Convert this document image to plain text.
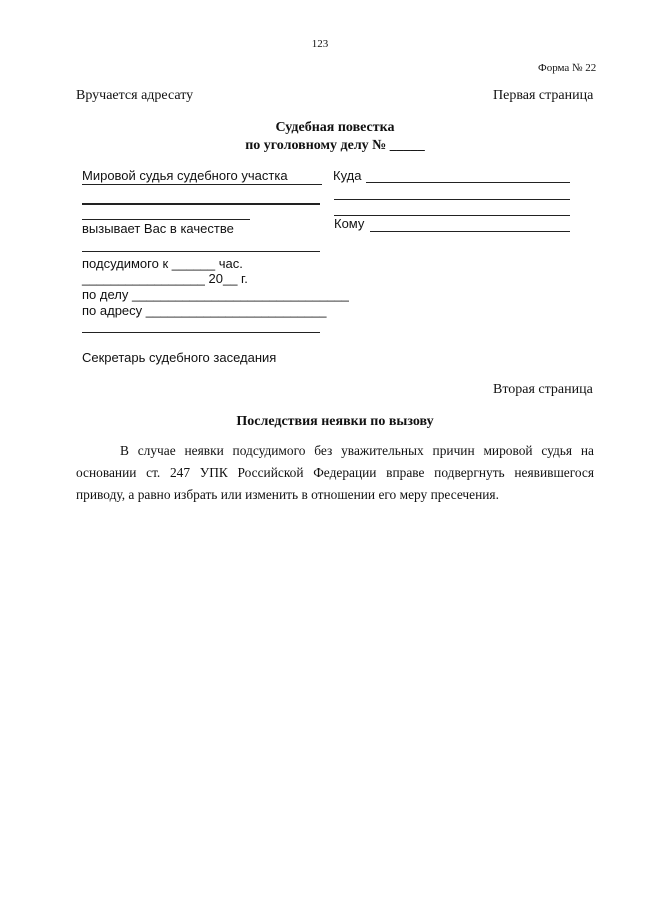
123
Форма № 22
Вручается адресату	Первая страница
Судебная повестка
по уголовному делу № _____
Мировой судья судебного участка
вызывает Вас в качестве
подсудимого к ______ час.
_________________ 20__ г.
по делу ______________________________
по адресу _________________________
Секретарь судебного заседания
Куда
Кому
Вторая страница
Последствия неявки по вызову
В случае неявки подсудимого без уважительных причин мировой судья на основании ст. 247 УПК Российской Федерации вправе подвергнуть неявившегося приводу, а равно избрать или изменить в отношении его меру пресечения.
